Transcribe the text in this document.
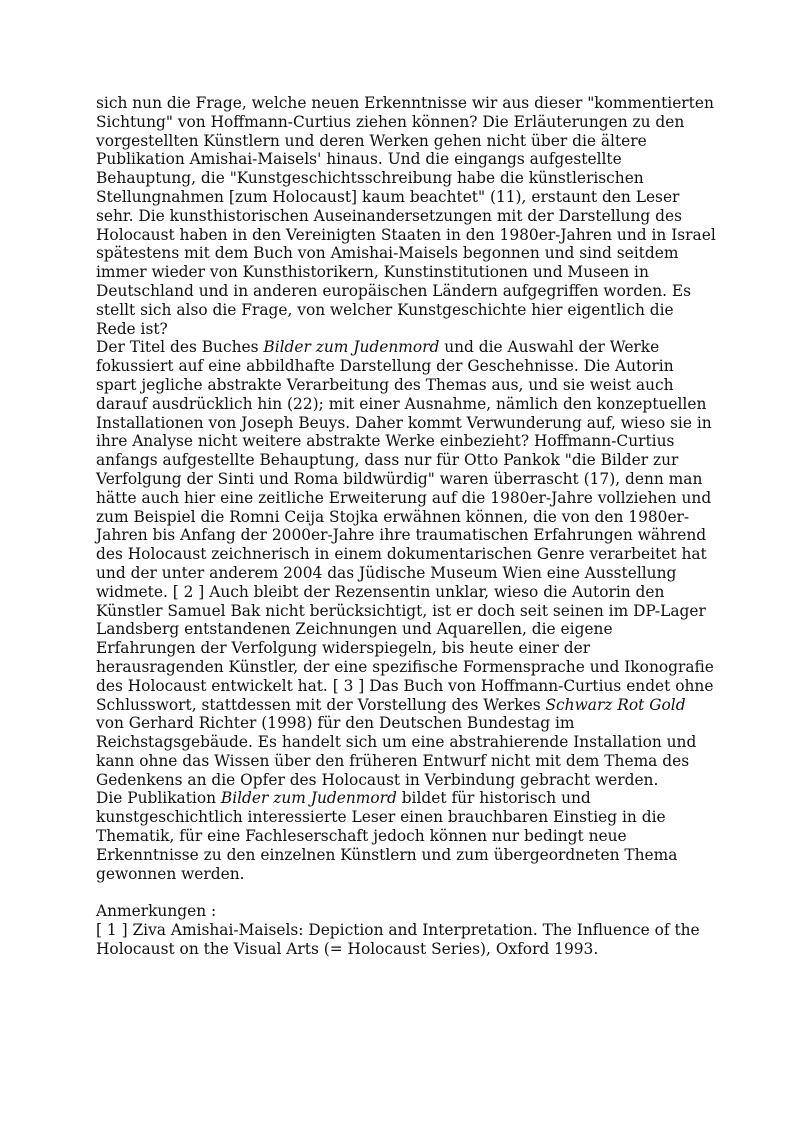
sich nun die Frage, welche neuen Erkenntnisse wir aus dieser "kommentierten Sichtung" von Hoffmann-Curtius ziehen können? Die Erläuterungen zu den vorgestellten Künstlern und deren Werken gehen nicht über die ältere Publikation Amishai-Maisels' hinaus. Und die eingangs aufgestellte Behauptung, die "Kunstgeschichtsschreibung habe die künstlerischen Stellungnahmen [zum Holocaust] kaum beachtet" (11), erstaunt den Leser sehr. Die kunsthistorischen Auseinandersetzungen mit der Darstellung des Holocaust haben in den Vereinigten Staaten in den 1980er-Jahren und in Israel spätestens mit dem Buch von Amishai-Maisels begonnen und sind seitdem immer wieder von Kunsthistorikern, Kunstinstitutionen und Museen in Deutschland und in anderen europäischen Ländern aufgegriffen worden. Es stellt sich also die Frage, von welcher Kunstgeschichte hier eigentlich die Rede ist?

Der Titel des Buches Bilder zum Judenmord und die Auswahl der Werke fokussiert auf eine abbildhafte Darstellung der Geschehnisse. Die Autorin spart jegliche abstrakte Verarbeitung des Themas aus, und sie weist auch darauf ausdrücklich hin (22); mit einer Ausnahme, nämlich den konzeptuellen Installationen von Joseph Beuys. Daher kommt Verwunderung auf, wieso sie in ihre Analyse nicht weitere abstrakte Werke einbezieht? Hoffmann-Curtius anfangs aufgestellte Behauptung, dass nur für Otto Pankok "die Bilder zur Verfolgung der Sinti und Roma bildwürdig" waren überrascht (17), denn man hätte auch hier eine zeitliche Erweiterung auf die 1980er-Jahre vollziehen und zum Beispiel die Romni Ceija Stojka erwähnen können, die von den 1980er-Jahren bis Anfang der 2000er-Jahre ihre traumatischen Erfahrungen während des Holocaust zeichnerisch in einem dokumentarischen Genre verarbeitet hat und der unter anderem 2004 das Jüdische Museum Wien eine Ausstellung widmete. [ 2 ] Auch bleibt der Rezensentin unklar, wieso die Autorin den Künstler Samuel Bak nicht berücksichtigt, ist er doch seit seinen im DP-Lager Landsberg entstandenen Zeichnungen und Aquarellen, die eigene Erfahrungen der Verfolgung widerspiegeln, bis heute einer der herausragenden Künstler, der eine spezifische Formensprache und Ikonografie des Holocaust entwickelt hat. [ 3 ] Das Buch von Hoffmann-Curtius endet ohne Schlusswort, stattdessen mit der Vorstellung des Werkes Schwarz Rot Gold von Gerhard Richter (1998) für den Deutschen Bundestag im Reichstagsgebäude. Es handelt sich um eine abstrahierende Installation und kann ohne das Wissen über den früheren Entwurf nicht mit dem Thema des Gedenkens an die Opfer des Holocaust in Verbindung gebracht werden.

Die Publikation Bilder zum Judenmord bildet für historisch und kunstgeschichtlich interessierte Leser einen brauchbaren Einstieg in die Thematik, für eine Fachleserschaft jedoch können nur bedingt neue Erkenntnisse zu den einzelnen Künstlern und zum übergeordneten Thema gewonnen werden.

Anmerkungen :

[ 1 ] Ziva Amishai-Maisels: Depiction and Interpretation. The Influence of the Holocaust on the Visual Arts (= Holocaust Series), Oxford 1993.
